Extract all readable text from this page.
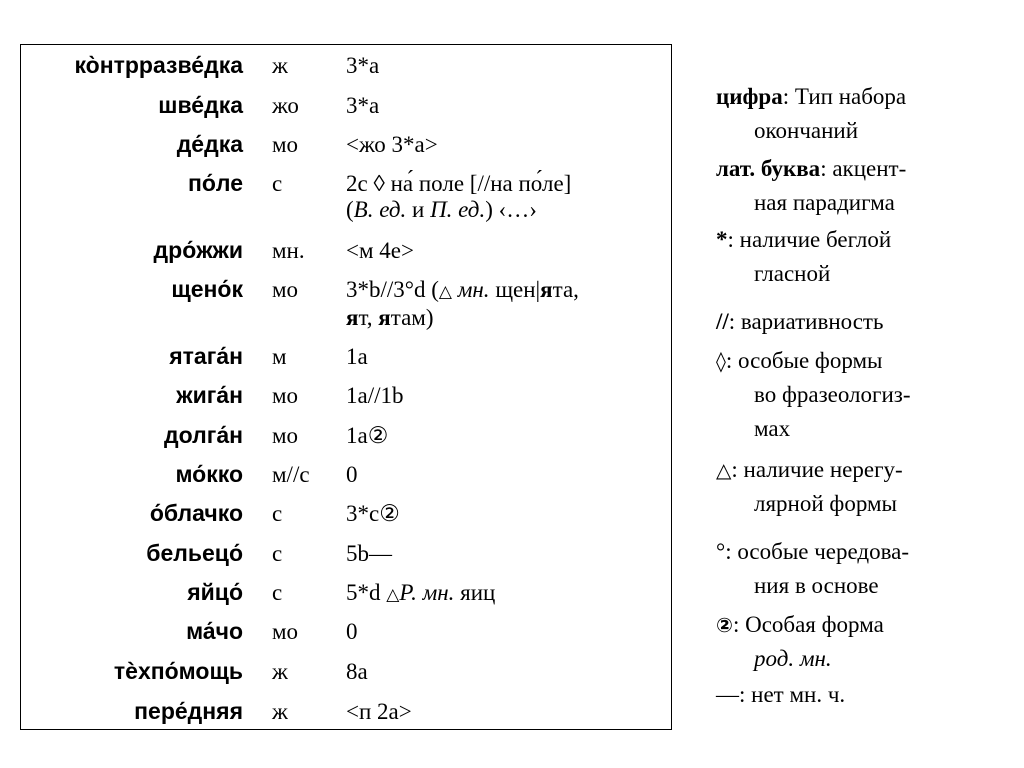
ко̀нтрразве́дка ж	3*a
шве́дка жо 3*a
де́дка мо <жо 3*a>
по́ле с	2c ◊ на́ поле [//на по́ле]
(В. ед. и П. ед.) ‹…›
дро́жжи мн. <м 4e>
щено́к мо 3*b//3°d (△ мн. щен|ята,
ят, ятам)
ятага́н м	1a
жига́н мо 1a//1b
долга́н мо 1a②
мо́кко м//с 0
о́блачко с	3*c②
бельецо́ с	5b—
яйцо́ с	5*d △Р. мн. яиц
ма́чо мо 0
тѐхпо́мощь ж	8a
пере́дняя ж	<п 2a>
цифра: Тип набора
окончаний
лат. буква: акцент-
ная парадигма
*: наличие беглой
гласной
//: вариативность
◊: особые формы
во фразеологиз-
мах
△: наличие нерегу-
лярной формы
°: особые чередова-
ния в основе
②: Особая форма
род. мн.
—: нет мн. ч.
